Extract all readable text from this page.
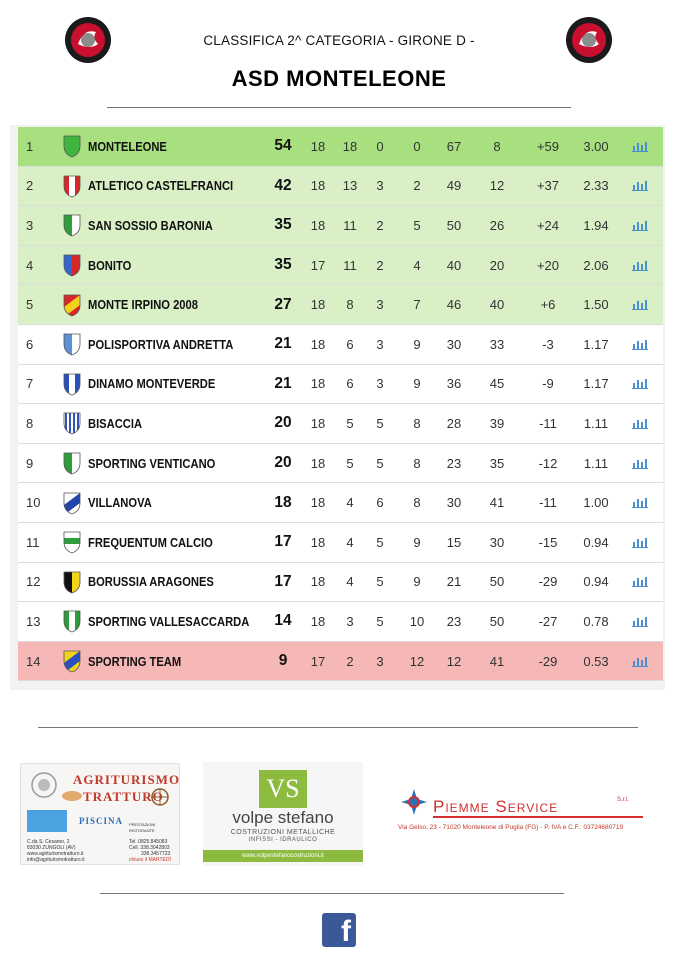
CLASSIFICA 2^ CATEGORIA - GIRONE D -
ASD MONTELEONE
1	MONTELEONE	54	18	18	0	0	67	8	+59	3.00
2	ATLETICO CASTELFRANCI	42	18	13	3	2	49	12	+37	2.33
3	SAN SOSSIO BARONIA	35	18	11	2	5	50	26	+24	1.94
4	BONITO	35	17	11	2	4	40	20	+20	2.06
5	MONTE IRPINO 2008	27	18	8	3	7	46	40	+6	1.50
6	POLISPORTIVA ANDRETTA	21	18	6	3	9	30	33	-3	1.17
7	DINAMO MONTEVERDE	21	18	6	3	9	36	45	-9	1.17
8	BISACCIA	20	18	5	5	8	28	39	-11	1.11
9	SPORTING VENTICANO	20	18	5	5	8	23	35	-12	1.11
10	VILLANOVA	18	18	4	6	8	30	41	-11	1.00
11	FREQUENTUM CALCIO	17	18	4	5	9	15	30	-15	0.94
12	BORUSSIA ARAGONES	17	18	4	5	9	21	50	-29	0.94
13	SPORTING VALLESACCARDA	14	18	3	5	10	23	50	-27	0.78
14	SPORTING TEAM	9	17	2	3	12	12	41	-29	0.53
AGRITURISMO
TRATTURO
PISCINA PRESTAZIONI RISTORANTE
C.da S. Cesareo, 2
83030 ZUNGOLI (AV)
www.agriturismotratturo.it
info@agriturismotratturo.it
Tel. 0825.845083
Cell. 338.3042803
338.3457723
chiuso il MARTEDÌ
VS
volpe stefano
COSTRUZIONI METALLICHE
INFISSI - IDRAULICO
www.volpestefanocostruzioni.it
Piemme Service	S.r.l.
Via Gelso, 23 - 71020 Monteleone di Puglia (FG) - P. IVA e C.F.: 03724680719
f
